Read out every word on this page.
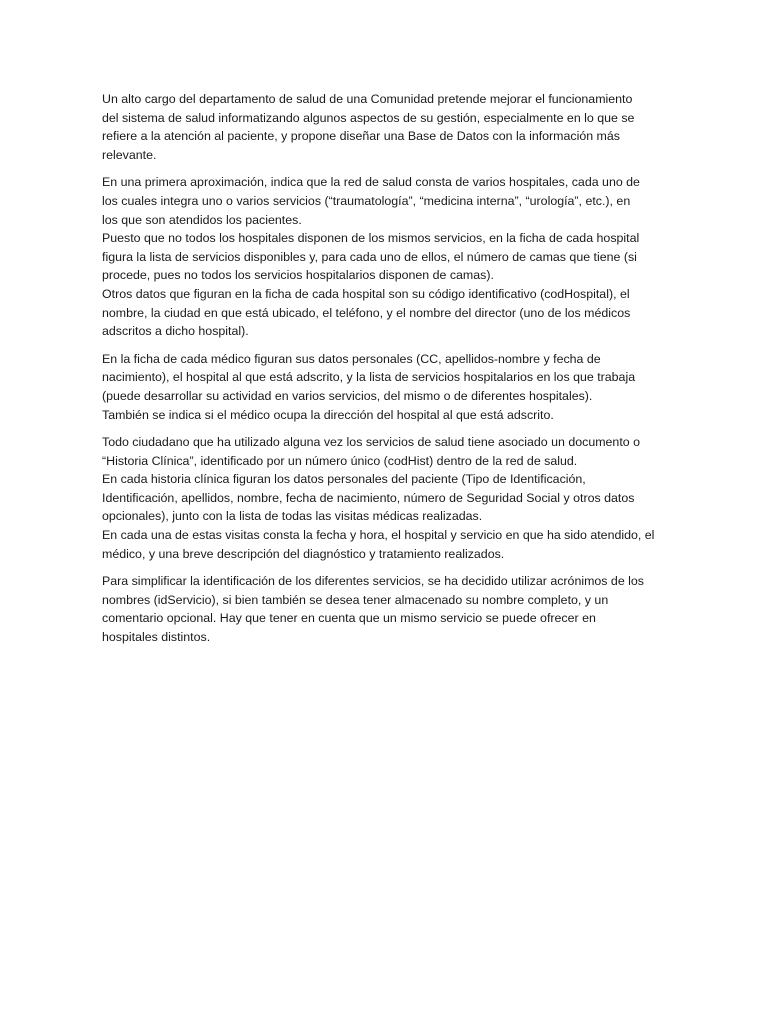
Un alto cargo del departamento de salud de una Comunidad pretende mejorar el funcionamiento
del sistema de salud informatizando algunos aspectos de su gestión, especialmente en lo que se
refiere a la atención al paciente, y propone diseñar una Base de Datos con la información más
relevante.

En una primera aproximación, indica que la red de salud consta de varios hospitales, cada uno de
los cuales integra uno o varios servicios (“traumatología”, “medicina interna”, “urología”, etc.), en
los que son atendidos los pacientes.
Puesto que no todos los hospitales disponen de los mismos servicios, en la ficha de cada hospital
figura la lista de servicios disponibles y, para cada uno de ellos, el número de camas que tiene (si
procede, pues no todos los servicios hospitalarios disponen de camas).
Otros datos que figuran en la ficha de cada hospital son su código identificativo (codHospital), el
nombre, la ciudad en que está ubicado, el teléfono, y el nombre del director (uno de los médicos
adscritos a dicho hospital).

En la ficha de cada médico figuran sus datos personales (CC, apellidos-nombre y fecha de
nacimiento), el hospital al que está adscrito, y la lista de servicios hospitalarios en los que trabaja
(puede desarrollar su actividad en varios servicios, del mismo o de diferentes hospitales).
También se indica si el médico ocupa la dirección del hospital al que está adscrito.

Todo ciudadano que ha utilizado alguna vez los servicios de salud tiene asociado un documento o
“Historia Clínica”, identificado por un número único (codHist) dentro de la red de salud.
En cada historia clínica figuran los datos personales del paciente (Tipo de Identificación,
Identificación, apellidos, nombre, fecha de nacimiento, número de Seguridad Social y otros datos
opcionales), junto con la lista de todas las visitas médicas realizadas.
En cada una de estas visitas consta la fecha y hora, el hospital y servicio en que ha sido atendido, el
médico, y una breve descripción del diagnóstico y tratamiento realizados.

Para simplificar la identificación de los diferentes servicios, se ha decidido utilizar acrónimos de los
nombres (idServicio), si bien también se desea tener almacenado su nombre completo, y un
comentario opcional. Hay que tener en cuenta que un mismo servicio se puede ofrecer en
hospitales distintos.
